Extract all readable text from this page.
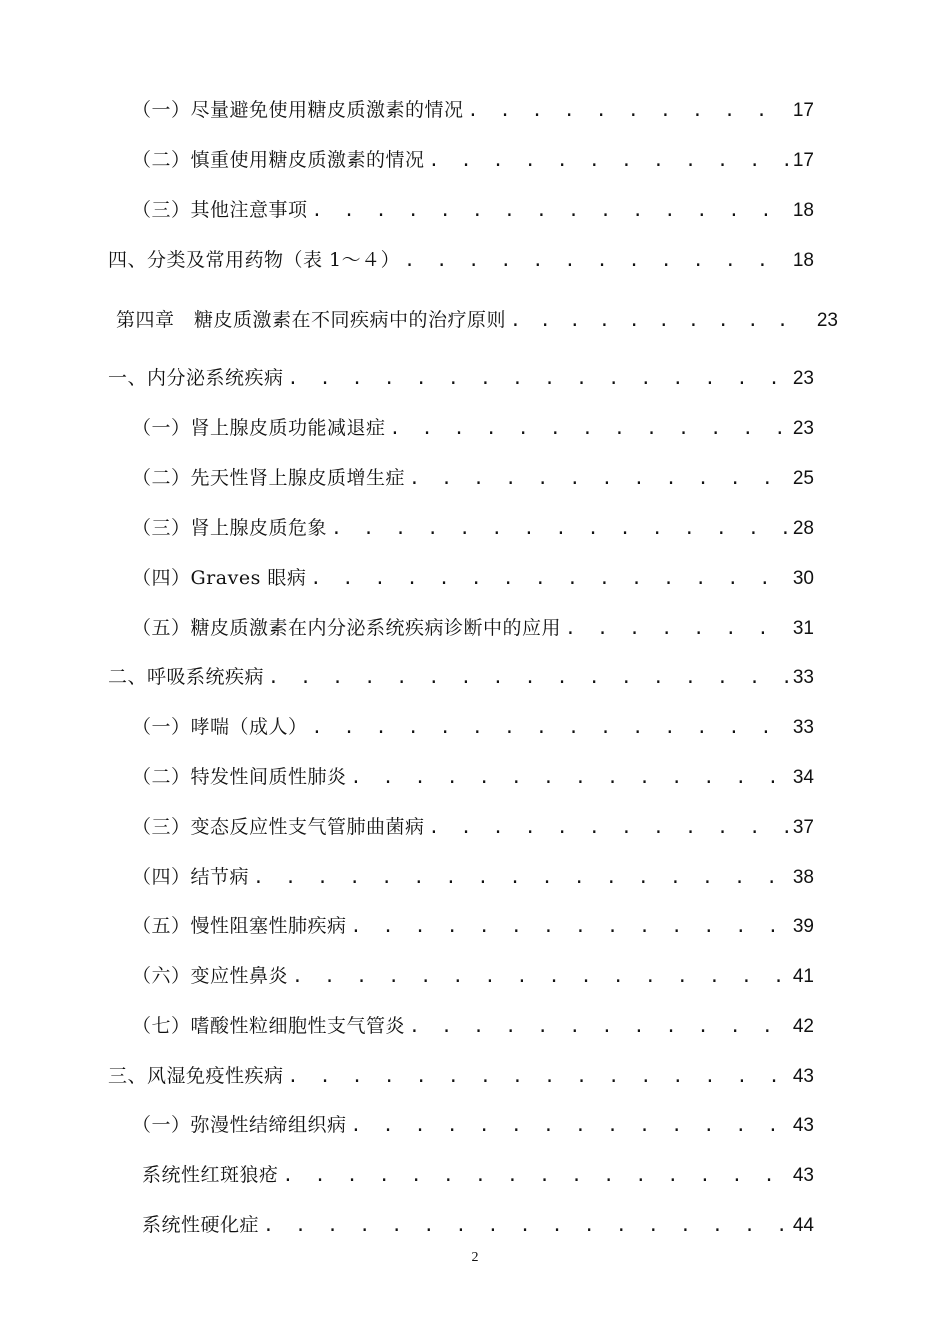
（一）尽量避免使用糖皮质激素的情况 . . .	17
（二）慎重使用糖皮质激素的情况 . . .	17
（三）其他注意事项 . . .	18
四、分类及常用药物（表 1～４） . . .	18
第四章　糖皮质激素在不同疾病中的治疗原则 . . .	23
一、内分泌系统疾病 . . .	23
（一）肾上腺皮质功能减退症 . . .	23
（二）先天性肾上腺皮质增生症 . . .	25
（三）肾上腺皮质危象 . . .	28
（四）Graves 眼病 . . .	30
（五）糖皮质激素在内分泌系统疾病诊断中的应用 . . .	31
二、呼吸系统疾病 . . .	33
（一）哮喘（成人） . . .	33
（二）特发性间质性肺炎 . . .	34
（三）变态反应性支气管肺曲菌病 . . .	37
（四）结节病 . . .	38
（五）慢性阻塞性肺疾病 . . .	39
（六）变应性鼻炎 . . .	41
（七）嗜酸性粒细胞性支气管炎 . . .	42
三、风湿免疫性疾病 . . .	43
（一）弥漫性结缔组织病 . . .	43
系统性红斑狼疮 . . .	43
系统性硬化症 . . .	44
2
